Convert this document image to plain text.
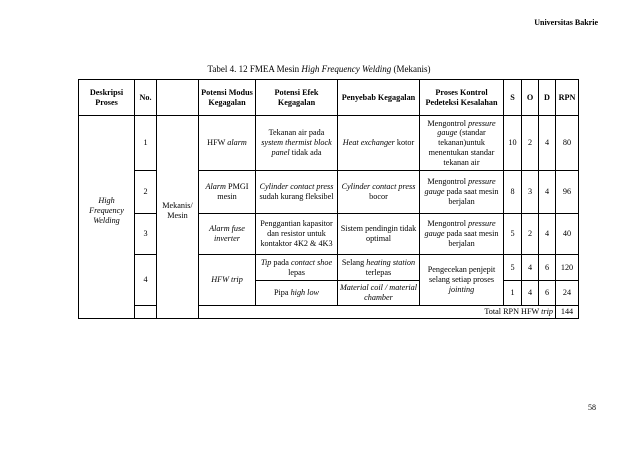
Universitas Bakrie
Tabel 4. 12 FMEA Mesin High Frequency Welding (Mekanis)
Deskripsi Proses	No.		Potensi Modus Kegagalan	Potensi Efek Kegagalan	Penyebab Kegagalan	Proses Kontrol Pedeteksi Kesalahan	S	O	D	RPN
High Frequency Welding	1	Mekanis/ Mesin	HFW alarm	Tekanan air pada system thermist block panel tidak ada	Heat exchanger kotor	Mengontrol pressure gauge (standar tekanan)untuk menentukan standar tekanan air	10	2	4	80
	2		Alarm PMGI mesin	Cylinder contact press sudah kurang fleksibel	Cylinder contact press bocor	Mengontrol pressure gauge pada saat mesin berjalan	8	3	4	96
	3		Alarm fuse inverter	Penggantian kapasitor dan resistor untuk kontaktor 4K2 & 4K3	Sistem pendingin tidak optimal	Mengontrol pressure gauge pada saat mesin berjalan	5	2	4	40
	4		HFW trip	Tip pada contact shoe lepas	Selang heating station terlepas	Pengecekan penjepit selang setiap proses jointing	5	4	6	120
				Pipa high low	Material coil / material chamber		1	4	6	24
			Total RPN HFW trip							144
58
